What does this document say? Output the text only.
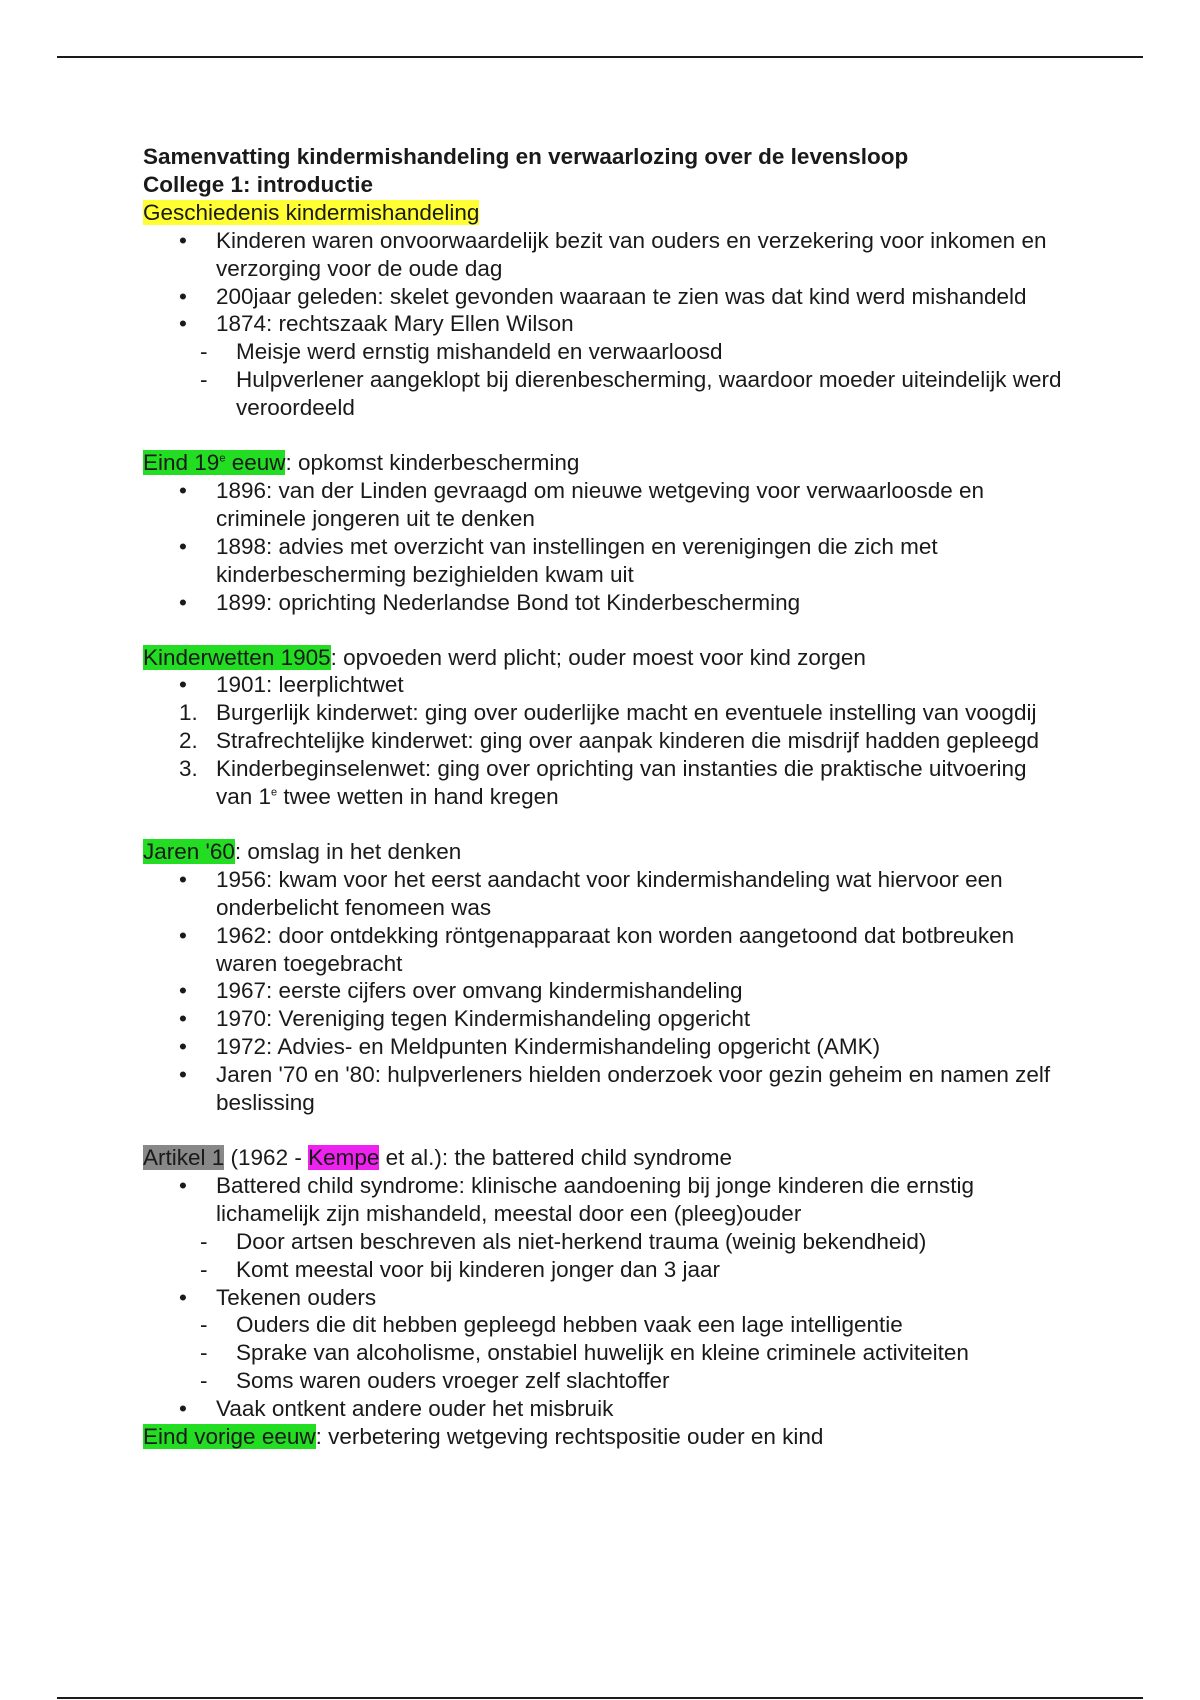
Samenvatting kindermishandeling en verwaarlozing over de levensloop
College 1: introductie
Geschiedenis kindermishandeling
• Kinderen waren onvoorwaardelijk bezit van ouders en verzekering voor inkomen en verzorging voor de oude dag
• 200jaar geleden: skelet gevonden waaraan te zien was dat kind werd mishandeld
• 1874: rechtszaak Mary Ellen Wilson
- Meisje werd ernstig mishandeld en verwaarloosd
- Hulpverlener aangeklopt bij dierenbescherming, waardoor moeder uiteindelijk werd veroordeeld
Eind 19e eeuw: opkomst kinderbescherming
• 1896: van der Linden gevraagd om nieuwe wetgeving voor verwaarloosde en criminele jongeren uit te denken
• 1898: advies met overzicht van instellingen en verenigingen die zich met kinderbescherming bezighielden kwam uit
• 1899: oprichting Nederlandse Bond tot Kinderbescherming
Kinderwetten 1905: opvoeden werd plicht; ouder moest voor kind zorgen
• 1901: leerplichtwet
1. Burgerlijk kinderwet: ging over ouderlijke macht en eventuele instelling van voogdij
2. Strafrechtelijke kinderwet: ging over aanpak kinderen die misdrijf hadden gepleegd
3. Kinderbeginselenwet: ging over oprichting van instanties die praktische uitvoering van 1e twee wetten in hand kregen
Jaren '60: omslag in het denken
• 1956: kwam voor het eerst aandacht voor kindermishandeling wat hiervoor een onderbelicht fenomeen was
• 1962: door ontdekking röntgenapparaat kon worden aangetoond dat botbreuken waren toegebracht
• 1967: eerste cijfers over omvang kindermishandeling
• 1970: Vereniging tegen Kindermishandeling opgericht
• 1972: Advies- en Meldpunten Kindermishandeling opgericht (AMK)
• Jaren '70 en '80: hulpverleners hielden onderzoek voor gezin geheim en namen zelf beslissing
Artikel 1 (1962 - Kempe et al.): the battered child syndrome
• Battered child syndrome: klinische aandoening bij jonge kinderen die ernstig lichamelijk zijn mishandeld, meestal door een (pleeg)ouder
- Door artsen beschreven als niet-herkend trauma (weinig bekendheid)
- Komt meestal voor bij kinderen jonger dan 3 jaar
• Tekenen ouders
- Ouders die dit hebben gepleegd hebben vaak een lage intelligentie
- Sprake van alcoholisme, onstabiel huwelijk en kleine criminele activiteiten
- Soms waren ouders vroeger zelf slachtoffer
• Vaak ontkent andere ouder het misbruik
Eind vorige eeuw: verbetering wetgeving rechtspositie ouder en kind
